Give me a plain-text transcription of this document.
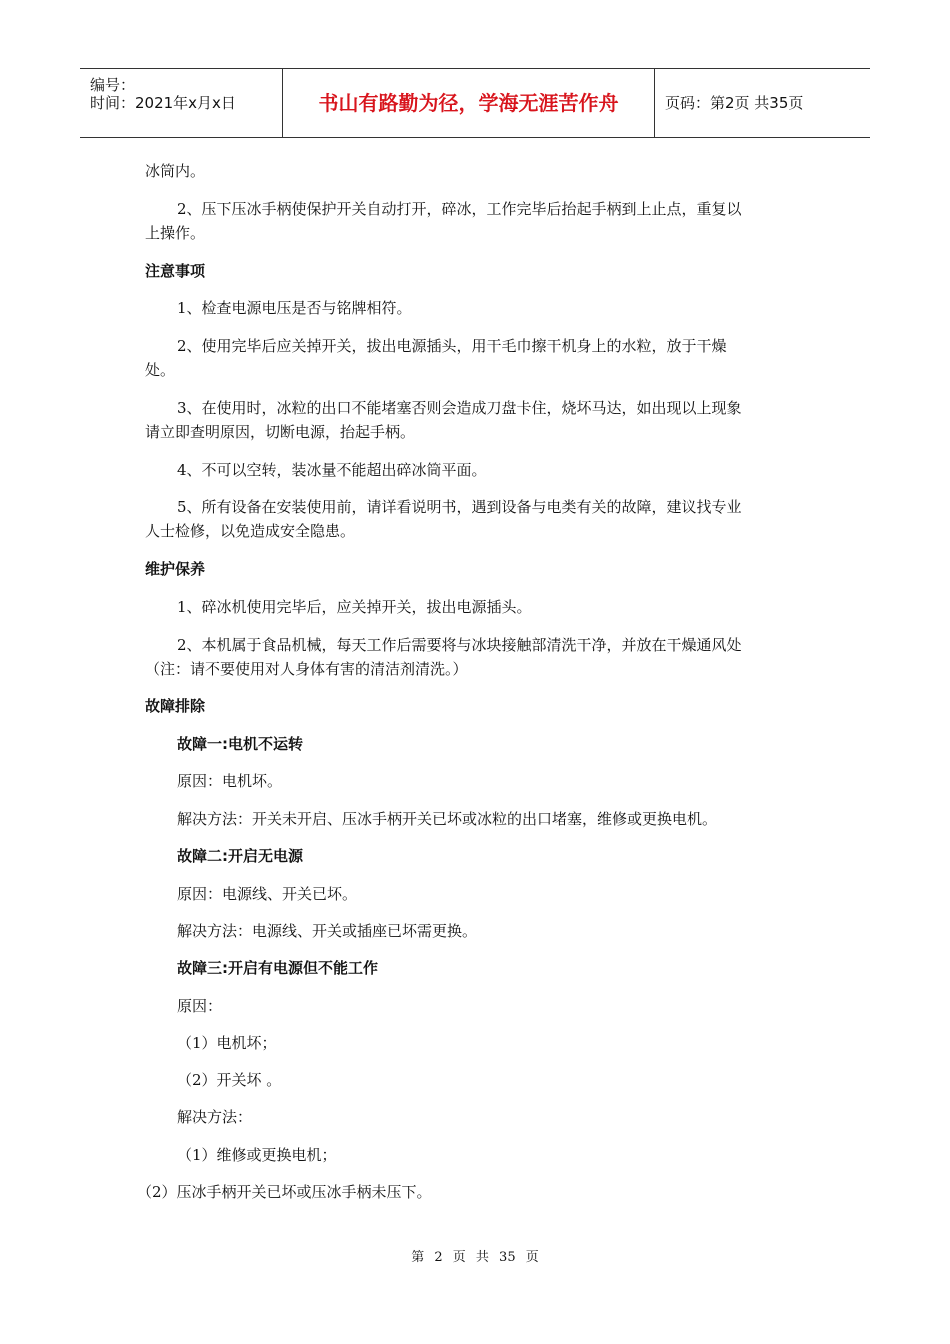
编号：
时间：2021年x月x日	书山有路勤为径，学海无涯苦作舟	页码：第2页 共35页
冰筒内。
2、压下压冰手柄使保护开关自动打开，碎冰，工作完毕后抬起手柄到上止点，重复以
上操作。
注意事项
1、检查电源电压是否与铭牌相符。
2、使用完毕后应关掉开关，拔出电源插头，用干毛巾擦干机身上的水粒，放于干燥
处。
3、在使用时，冰粒的出口不能堵塞否则会造成刀盘卡住，烧坏马达，如出现以上现象
请立即查明原因，切断电源，抬起手柄。
4、不可以空转，装冰量不能超出碎冰筒平面。
5、所有设备在安装使用前，请详看说明书，遇到设备与电类有关的故障，建议找专业
人士检修，以免造成安全隐患。
维护保养
1、碎冰机使用完毕后，应关掉开关，拔出电源插头。
2、本机属于食品机械，每天工作后需要将与冰块接触部清洗干净，并放在干燥通风处
（注：请不要使用对人身体有害的清洁剂清洗。）
故障排除
故障一:电机不运转
原因：电机坏。
解决方法：开关未开启、压冰手柄开关已坏或冰粒的出口堵塞，维修或更换电机。
故障二:开启无电源
原因：电源线、开关已坏。
解决方法：电源线、开关或插座已坏需更换。
故障三:开启有电源但不能工作
原因：
（1）电机坏；
（2）开关坏 。
解决方法：
（1）维修或更换电机；
（2）压冰手柄开关已坏或压冰手柄未压下。
第 2 页 共 35 页
